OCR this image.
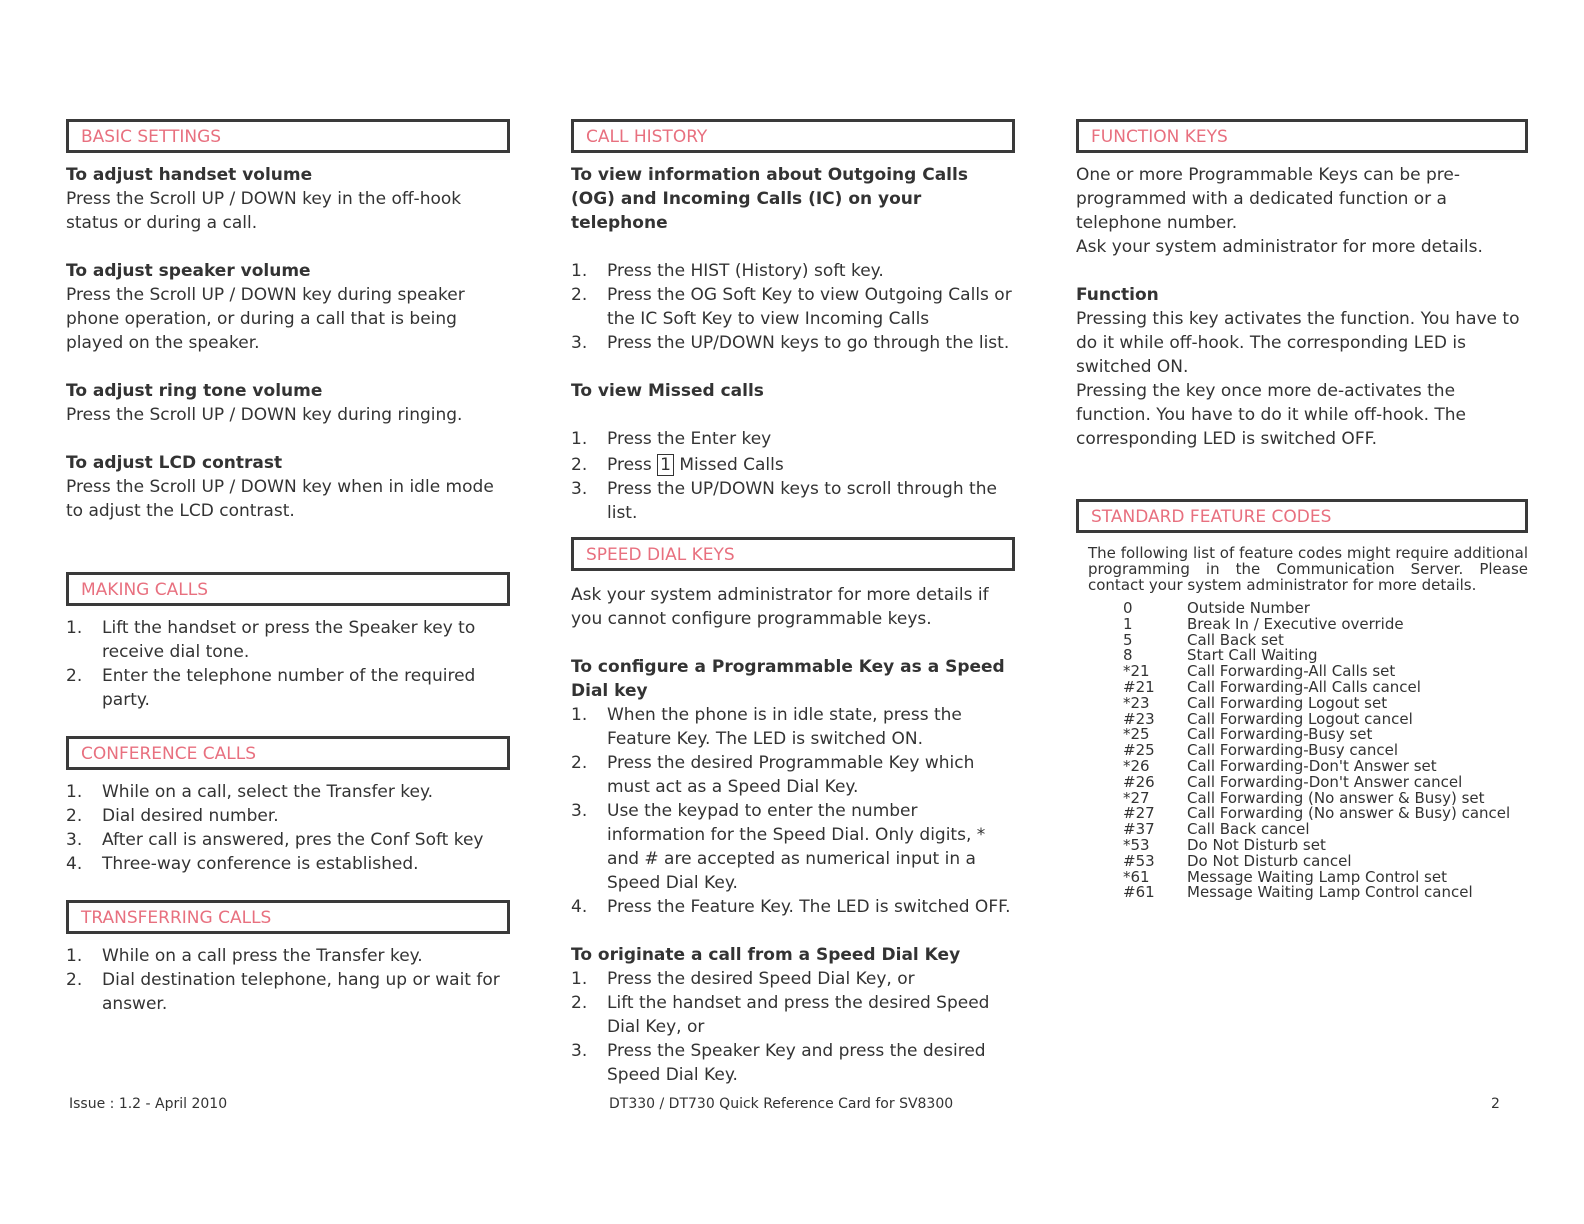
BASIC SETTINGS
To adjust handset volume
Press the Scroll UP / DOWN key in the off-hook status or during a call.
To adjust speaker volume
Press the Scroll UP / DOWN key during speaker phone operation, or during a call that is being played on the speaker.
To adjust ring tone volume
Press the Scroll UP / DOWN key during ringing.
To adjust LCD contrast
Press the Scroll UP / DOWN key when in idle mode to adjust the LCD contrast.
MAKING CALLS
1.	Lift the handset or press the Speaker key to receive dial tone.
2.	Enter the telephone number of the required party.
CONFERENCE CALLS
1.	While on a call, select the Transfer key.
2.	Dial desired number.
3.	After call is answered, pres the Conf Soft key
4.	Three-way conference is established.
TRANSFERRING CALLS
1.	While on a call press the Transfer key.
2.	Dial destination telephone, hang up or wait for answer.
CALL HISTORY
To view information about Outgoing Calls (OG) and Incoming Calls (IC) on your telephone
1.	Press the HIST (History) soft key.
2.	Press the OG Soft Key to view Outgoing Calls or the IC Soft Key to view Incoming Calls
3.	Press the UP/DOWN keys to go through the list.
To view Missed calls
1.	Press the Enter key
2.	Press 1 Missed Calls
3.	Press the UP/DOWN keys to scroll through the list.
SPEED DIAL KEYS
Ask your system administrator for more details if you cannot configure programmable keys.
To configure a Programmable Key as a Speed Dial key
1.	When the phone is in idle state, press the Feature Key. The LED is switched ON.
2.	Press the desired Programmable Key which must act as a Speed Dial Key.
3.	Use the keypad to enter the number information for the Speed Dial. Only digits, * and # are accepted as numerical input in a Speed Dial Key.
4.	Press the Feature Key. The LED is switched OFF.
To originate a call from a Speed Dial Key
1.	Press the desired Speed Dial Key, or
2.	Lift the handset and press the desired Speed Dial Key, or
3.	Press the Speaker Key and press the desired Speed Dial Key.
FUNCTION KEYS
One or more Programmable Keys can be pre-programmed with a dedicated function or a telephone number.
Ask your system administrator for more details.
Function
Pressing this key activates the function. You have to do it while off-hook. The corresponding LED is switched ON.
Pressing the key once more de-activates the function. You have to do it while off-hook. The corresponding LED is switched OFF.
STANDARD FEATURE CODES
The following list of feature codes might require additional programming in the Communication Server. Please contact your system administrator for more details.
0	Outside Number
1	Break In / Executive override
5	Call Back set
8	Start Call Waiting
*21	Call Forwarding-All Calls set
#21	Call Forwarding-All Calls cancel
*23	Call Forwarding Logout set
#23	Call Forwarding Logout cancel
*25	Call Forwarding-Busy set
#25	Call Forwarding-Busy cancel
*26	Call Forwarding-Don't Answer set
#26	Call Forwarding-Don't Answer cancel
*27	Call Forwarding (No answer & Busy) set
#27	Call Forwarding (No answer & Busy) cancel
#37	Call Back cancel
*53	Do Not Disturb set
#53	Do Not Disturb cancel
*61	Message Waiting Lamp Control set
#61	Message Waiting Lamp Control cancel
Issue : 1.2 - April 2010	DT330 / DT730 Quick Reference Card for SV8300	2
